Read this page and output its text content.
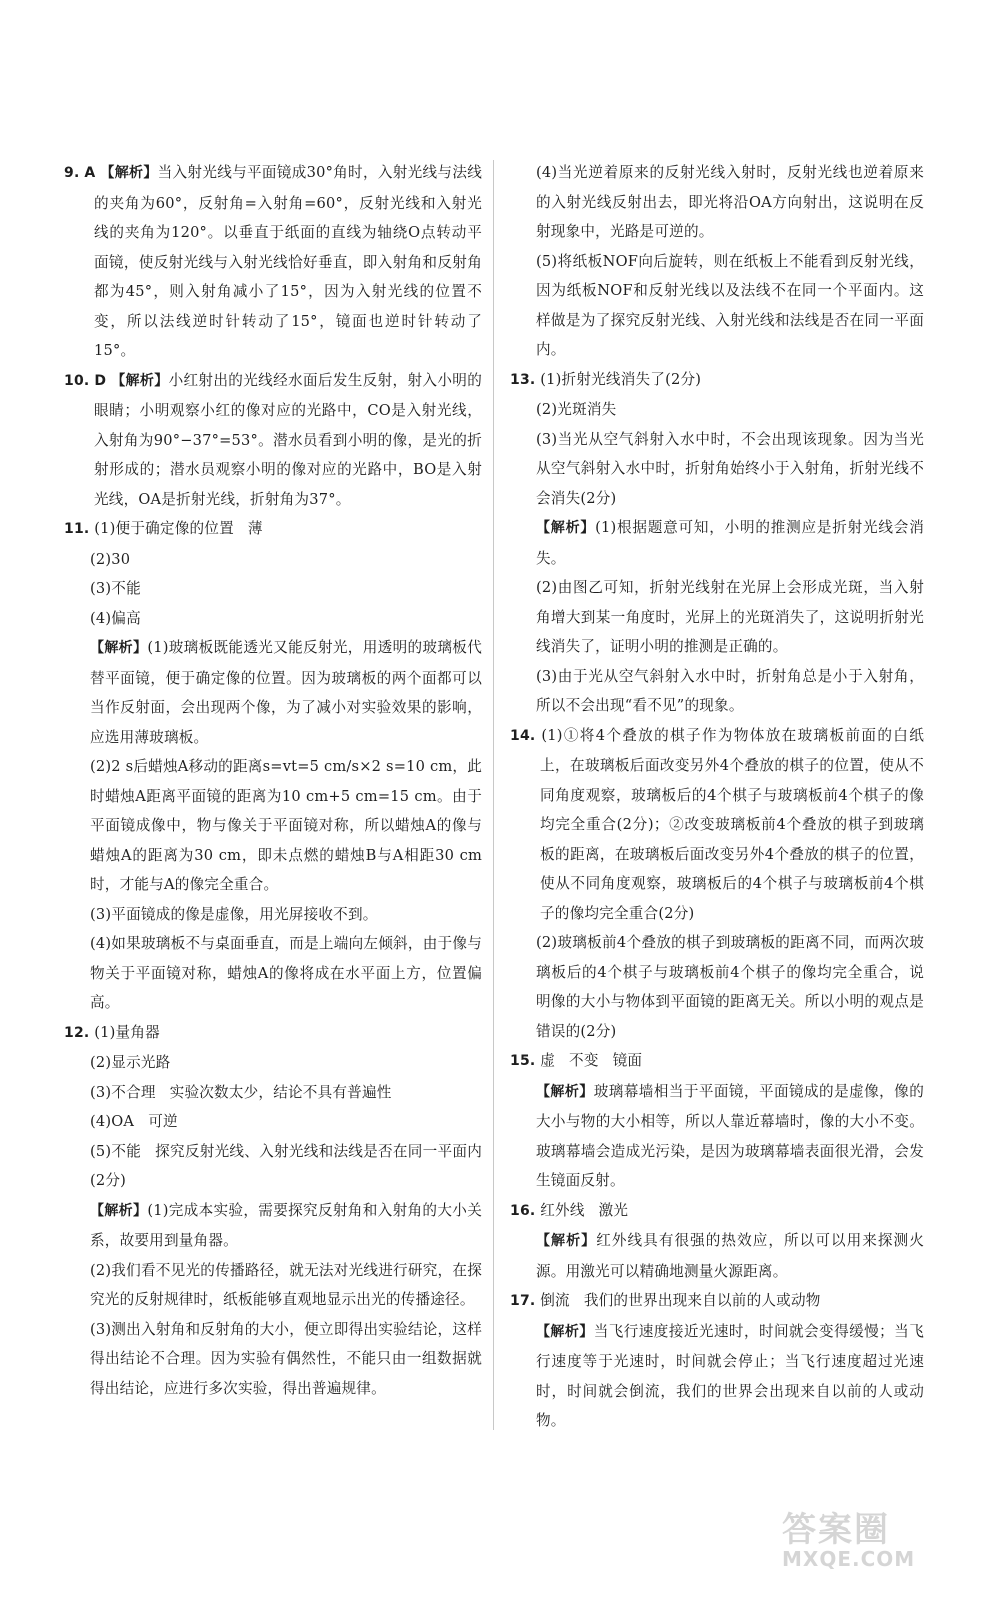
9. A 【解析】当入射光线与平面镜成30°角时，入射光线与法线的夹角为60°，反射角=入射角=60°，反射光线和入射光线的夹角为120°。以垂直于纸面的直线为轴绕O点转动平面镜，使反射光线与入射光线恰好垂直，即入射角和反射角都为45°，则入射角减小了15°，因为入射光线的位置不变，所以法线逆时针转动了15°，镜面也逆时针转动了15°。

10. D 【解析】小红射出的光线经水面后发生反射，射入小明的眼睛；小明观察小红的像对应的光路中，CO是入射光线，入射角为90°−37°=53°。潜水员看到小明的像，是光的折射形成的；潜水员观察小明的像对应的光路中，BO是入射光线，OA是折射光线，折射角为37°。

11. (1)便于确定像的位置 薄

(2)30

(3)不能

(4)偏高

【解析】(1)玻璃板既能透光又能反射光，用透明的玻璃板代替平面镜，便于确定像的位置。因为玻璃板的两个面都可以当作反射面，会出现两个像，为了减小对实验效果的影响，应选用薄玻璃板。

(2)2 s后蜡烛A移动的距离s=vt=5 cm/s×2 s=10 cm，此时蜡烛A距离平面镜的距离为10 cm+5 cm=15 cm。由于平面镜成像中，物与像关于平面镜对称，所以蜡烛A的像与蜡烛A的距离为30 cm，即未点燃的蜡烛B与A相距30 cm时，才能与A的像完全重合。

(3)平面镜成的像是虚像，用光屏接收不到。

(4)如果玻璃板不与桌面垂直，而是上端向左倾斜，由于像与物关于平面镜对称，蜡烛A的像将成在水平面上方，位置偏高。

12. (1)量角器

(2)显示光路

(3)不合理 实验次数太少，结论不具有普遍性

(4)OA 可逆

(5)不能 探究反射光线、入射光线和法线是否在同一平面内(2分)

【解析】(1)完成本实验，需要探究反射角和入射角的大小关系，故要用到量角器。

(2)我们看不见光的传播路径，就无法对光线进行研究，在探究光的反射规律时，纸板能够直观地显示出光的传播途径。

(3)测出入射角和反射角的大小，便立即得出实验结论，这样得出结论不合理。因为实验有偶然性，不能只由一组数据就得出结论，应进行多次实验，得出普遍规律。

(4)当光逆着原来的反射光线入射时，反射光线也逆着原来的入射光线反射出去，即光将沿OA方向射出，这说明在反射现象中，光路是可逆的。

(5)将纸板NOF向后旋转，则在纸板上不能看到反射光线，因为纸板NOF和反射光线以及法线不在同一个平面内。这样做是为了探究反射光线、入射光线和法线是否在同一平面内。

13. (1)折射光线消失了(2分)

(2)光斑消失

(3)当光从空气斜射入水中时，不会出现该现象。因为当光从空气斜射入水中时，折射角始终小于入射角，折射光线不会消失(2分)

【解析】(1)根据题意可知，小明的推测应是折射光线会消失。

(2)由图乙可知，折射光线射在光屏上会形成光斑，当入射角增大到某一角度时，光屏上的光斑消失了，这说明折射光线消失了，证明小明的推测是正确的。

(3)由于光从空气斜射入水中时，折射角总是小于入射角，所以不会出现“看不见”的现象。

14. (1)①将4个叠放的棋子作为物体放在玻璃板前面的白纸上，在玻璃板后面改变另外4个叠放的棋子的位置，使从不同角度观察，玻璃板后的4个棋子与玻璃板前4个棋子的像均完全重合(2分)；②改变玻璃板前4个叠放的棋子到玻璃板的距离，在玻璃板后面改变另外4个叠放的棋子的位置，使从不同角度观察，玻璃板后的4个棋子与玻璃板前4个棋子的像均完全重合(2分)

(2)玻璃板前4个叠放的棋子到玻璃板的距离不同，而两次玻璃板后的4个棋子与玻璃板前4个棋子的像均完全重合，说明像的大小与物体到平面镜的距离无关。所以小明的观点是错误的(2分)

15. 虚 不变 镜面

【解析】玻璃幕墙相当于平面镜，平面镜成的是虚像，像的大小与物的大小相等，所以人靠近幕墙时，像的大小不变。玻璃幕墙会造成光污染，是因为玻璃幕墙表面很光滑，会发生镜面反射。

16. 红外线 激光

【解析】红外线具有很强的热效应，所以可以用来探测火源。用激光可以精确地测量火源距离。

17. 倒流 我们的世界出现来自以前的人或动物

【解析】当飞行速度接近光速时，时间就会变得缓慢；当飞行速度等于光速时，时间就会停止；当飞行速度超过光速时，时间就会倒流，我们的世界会出现来自以前的人或动物。

答案圈
MXQE.COM
